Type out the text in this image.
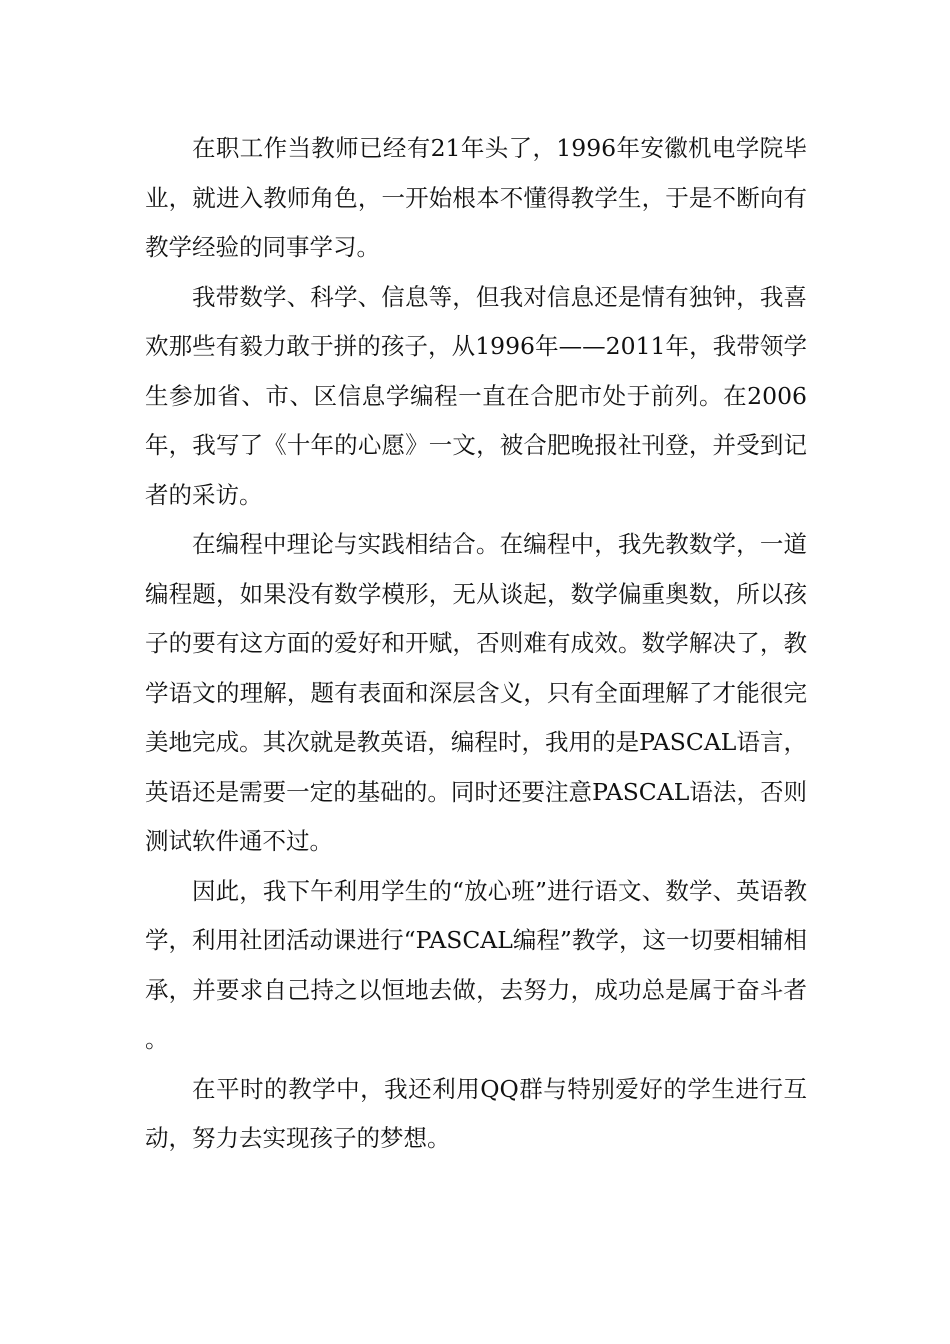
在职工作当教师已经有21年头了，1996年安徽机电学院毕业，就进入教师角色，一开始根本不懂得教学生，于是不断向有教学经验的同事学习。

我带数学、科学、信息等，但我对信息还是情有独钟，我喜欢那些有毅力敢于拼的孩子，从1996年——2011年，我带领学生参加省、市、区信息学编程一直在合肥市处于前列。在2006年，我写了《十年的心愿》一文，被合肥晚报社刊登，并受到记者的采访。

在编程中理论与实践相结合。在编程中，我先教数学，一道编程题，如果没有数学模形，无从谈起，数学偏重奥数，所以孩子的要有这方面的爱好和开赋，否则难有成效。数学解决了，教学语文的理解，题有表面和深层含义，只有全面理解了才能很完美地完成。其次就是教英语，编程时，我用的是PASCAL语言，英语还是需要一定的基础的。同时还要注意PASCAL语法，否则测试软件通不过。

因此，我下午利用学生的“放心班”进行语文、数学、英语教学，利用社团活动课进行“PASCAL编程”教学，这一切要相辅相承，并要求自己持之以恒地去做，去努力，成功总是属于奋斗者。

在平时的教学中，我还利用QQ群与特别爱好的学生进行互动，努力去实现孩子的梦想。
